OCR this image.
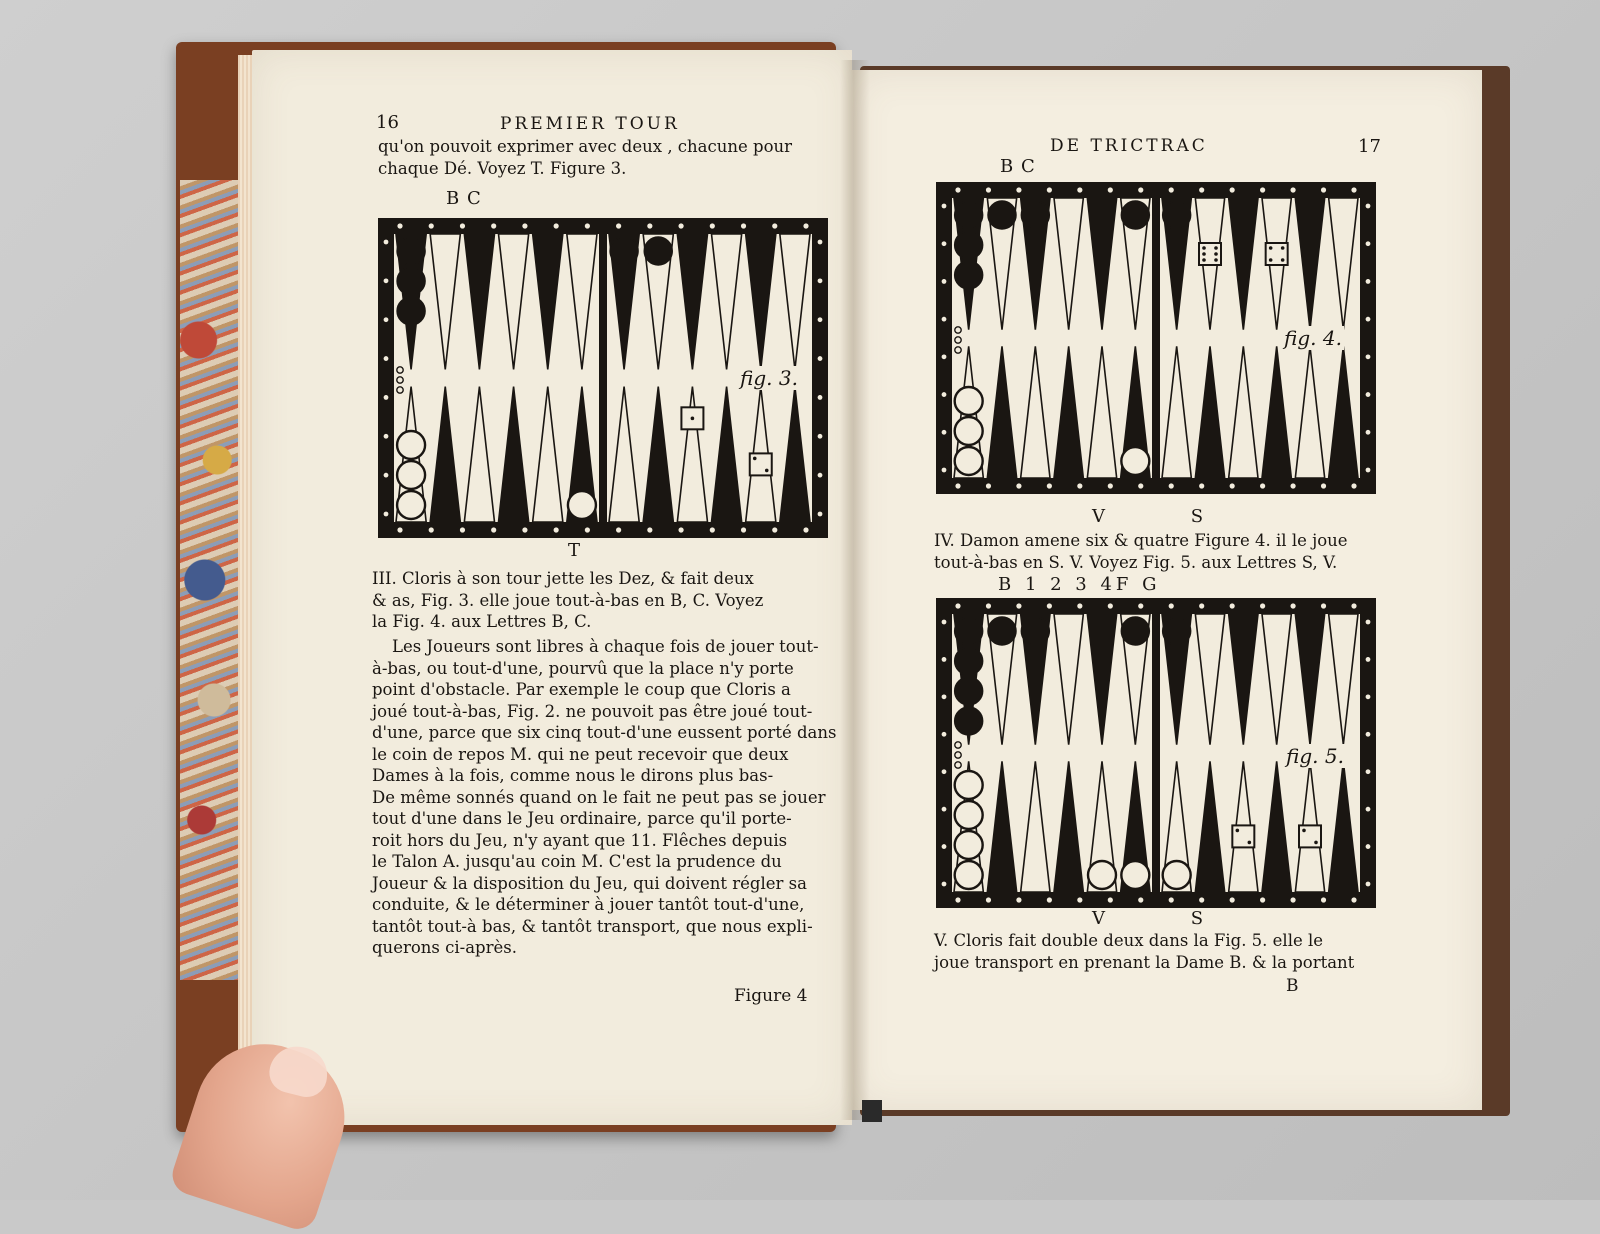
16	PREMIER TOUR
qu'on pouvoit exprimer avec deux , chacune pour
chaque Dé. Voyez T. Figure 3.
B C
fig. 3.
T
III. Cloris à son tour jette les Dez, & fait deux
& as, Fig. 3. elle joue tout-à-bas en B, C. Voyez
la Fig. 4. aux Lettres B, C.
Les Joueurs sont libres à chaque fois de jouer tout-
à-bas, ou tout-d'une, pourvû que la place n'y porte
point d'obstacle. Par exemple le coup que Cloris a
joué tout-à-bas, Fig. 2. ne pouvoit pas être joué tout-
d'une, parce que six cinq tout-d'une eussent porté dans
le coin de repos M. qui ne peut recevoir que deux
Dames à la fois, comme nous le dirons plus bas-
De même sonnés quand on le fait ne peut pas se jouer
tout d'une dans le Jeu ordinaire, parce qu'il porte-
roit hors du Jeu, n'y ayant que 11. Flêches depuis
le Talon A. jusqu'au coin M. C'est la prudence du
Joueur & la disposition du Jeu, qui doivent régler sa
conduite, & le déterminer à jouer tantôt tout-d'une,
tantôt tout-à bas, & tantôt transport, que nous expli-
querons ci-après.
Figure 4
DE TRICTRAC	17
B C
fig. 4.
V S
IV. Damon amene six & quatre Figure 4. il le joue
tout-à-bas en S. V. Voyez Fig. 5. aux Lettres S, V.
B 1 2 3 4F G
fig. 5.
V S
V. Cloris fait double deux dans la Fig. 5. elle le
joue transport en prenant la Dame B. & la portant
B
